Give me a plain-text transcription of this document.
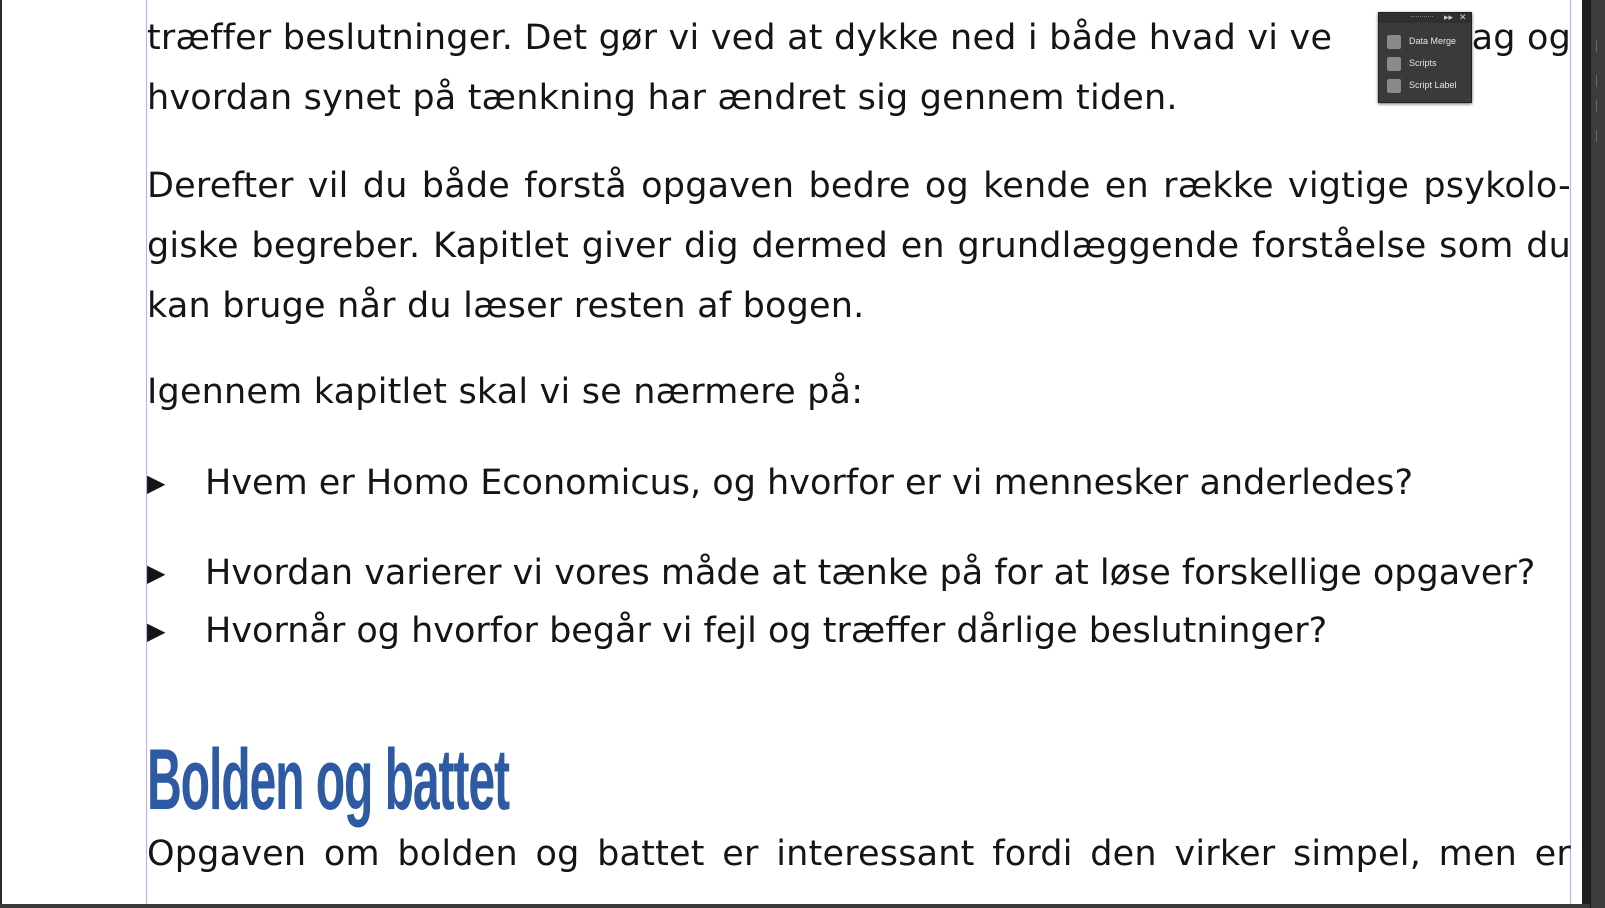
træffer beslutninger. Det gør vi ved at dykke ned i både hvad vi ve	ag og
hvordan synet på tænkning har ændret sig gennem tiden.
Derefter vil du både forstå opgaven bedre og kende en række vigtige psykolo-
giske begreber. Kapitlet giver dig dermed en grundlæggende forståelse som du
kan bruge når du læser resten af bogen.
Igennem kapitlet skal vi se nærmere på:
▶	Hvem er Homo Economicus, og hvorfor er vi mennesker anderledes?
▶	Hvordan varierer vi vores måde at tænke på for at løse forskellige opgaver?
▶	Hvornår og hvorfor begår vi fejl og træffer dårlige beslutninger?
Bolden og battet
Opgaven om bolden og battet er interessant fordi den virker simpel, men er
▸▸ ✕
Data Merge
Scripts
Script Label
